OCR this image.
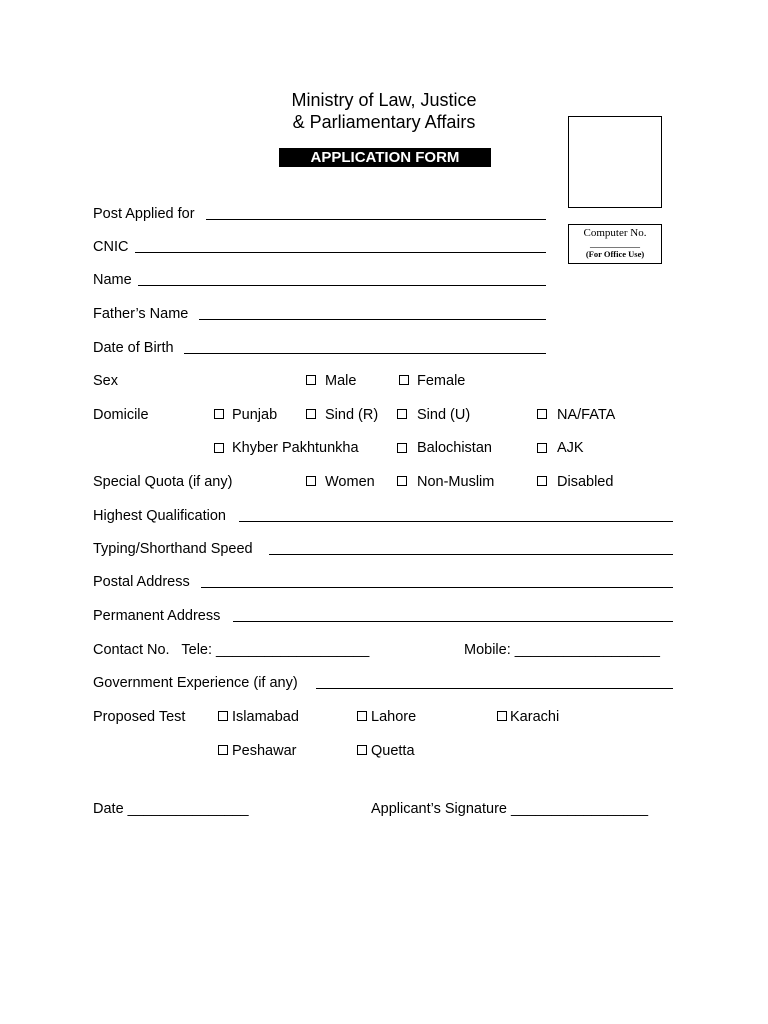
Ministry of Law, Justice
& Parliamentary Affairs
APPLICATION FORM
Computer No.
__________
(For Office Use)
Post Applied for
CNIC
Name
Father’s Name
Date of Birth
Sex	Male	Female
Domicile	Punjab	Sind (R)	Sind (U)	NA/FATA
Khyber Pakhtunkha	Balochistan	AJK
Special Quota (if any)	Women	Non-Muslim	Disabled
Highest Qualification
Typing/Shorthand Speed
Postal Address
Permanent Address
Contact No.   Tele: ___________________	Mobile: __________________
Government Experience (if any)
Proposed Test	Islamabad	Lahore	Karachi
Peshawar	Quetta
Date _______________	Applicant’s Signature _________________
